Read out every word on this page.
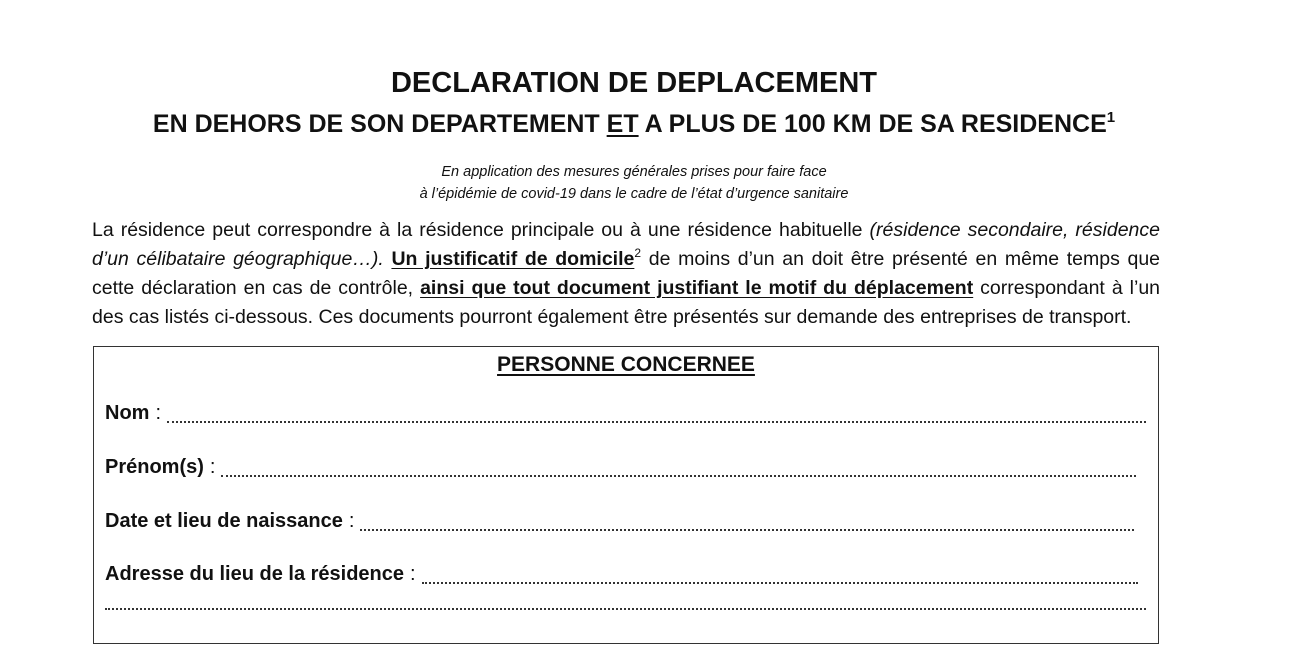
DECLARATION DE DEPLACEMENT
EN DEHORS DE SON DEPARTEMENT ET A PLUS DE 100 KM DE SA RESIDENCE$^1$
En application des mesures générales prises pour faire face
à l’épidémie de covid-19 dans le cadre de l’état d’urgence sanitaire
La résidence peut correspondre à la résidence principale ou à une résidence habituelle (résidence secondaire, résidence d’un célibataire géographique…). Un justificatif de domicile$^2$ de moins d’un an doit être présenté en même temps que cette déclaration en cas de contrôle, ainsi que tout document justifiant le motif du déplacement correspondant à l’un des cas listés ci-dessous. Ces documents pourront également être présentés sur demande des entreprises de transport.
PERSONNE CONCERNEE
Nom :
Prénom(s) :
Date et lieu de naissance :
Adresse du lieu de la résidence :
